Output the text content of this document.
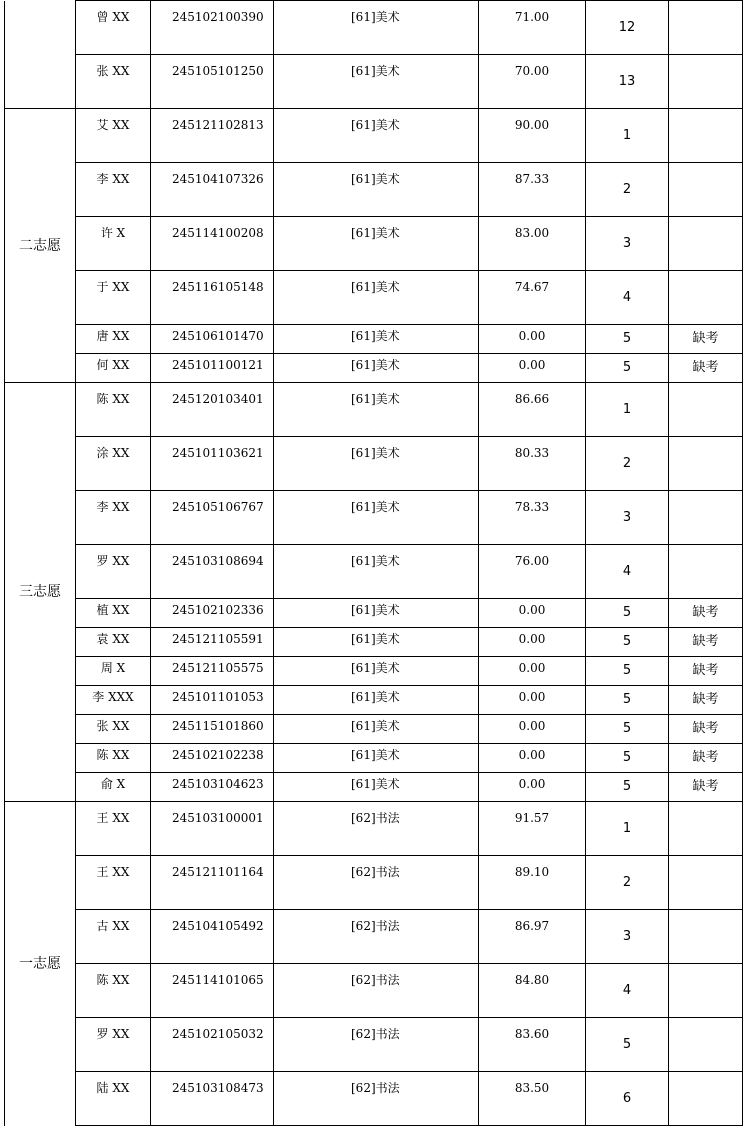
	曾 XX	245102100390	[61]美术	71.00	12	
	张 XX	245105101250	[61]美术	70.00	13	
二志愿	艾 XX	245121102813	[61]美术	90.00	1	
	李 XX	245104107326	[61]美术	87.33	2	
	许 X	245114100208	[61]美术	83.00	3	
	于 XX	245116105148	[61]美术	74.67	4	
	唐 XX	245106101470	[61]美术	0.00	5	缺考
	何 XX	245101100121	[61]美术	0.00	5	缺考
三志愿	陈 XX	245120103401	[61]美术	86.66	1	
	涂 XX	245101103621	[61]美术	80.33	2	
	李 XX	245105106767	[61]美术	78.33	3	
	罗 XX	245103108694	[61]美术	76.00	4	
	植 XX	245102102336	[61]美术	0.00	5	缺考
	袁 XX	245121105591	[61]美术	0.00	5	缺考
	周 X	245121105575	[61]美术	0.00	5	缺考
	李 XXX	245101101053	[61]美术	0.00	5	缺考
	张 XX	245115101860	[61]美术	0.00	5	缺考
	陈 XX	245102102238	[61]美术	0.00	5	缺考
	俞 X	245103104623	[61]美术	0.00	5	缺考
一志愿	王 XX	245103100001	[62]书法	91.57	1	
	王 XX	245121101164	[62]书法	89.10	2	
	古 XX	245104105492	[62]书法	86.97	3	
	陈 XX	245114101065	[62]书法	84.80	4	
	罗 XX	245102105032	[62]书法	83.60	5	
	陆 XX	245103108473	[62]书法	83.50	6	
